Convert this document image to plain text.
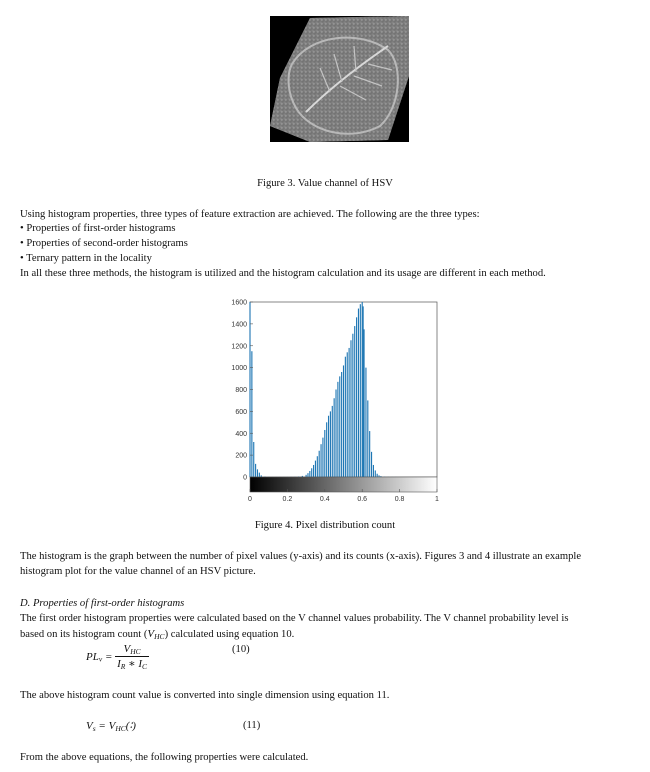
Figure 3. Value channel of HSV
Using histogram properties, three types of feature extraction are achieved. The following are the three types:
• Properties of first-order histograms
• Properties of second-order histograms
• Ternary pattern in the locality
In all these three methods, the histogram is utilized and the histogram calculation and its usage are different in each method.
0
200
400
600
800
1000
1200
1400
1600
0	0.2	0.4	0.6	0.8	1
Figure 4. Pixel distribution count
The histogram is the graph between the number of pixel values (y-axis) and its counts (x-axis). Figures 3 and 4 illustrate an example
histogram plot for the value channel of an HSV picture.
D. Properties of first-order histograms
The first order histogram properties were calculated based on the V channel values probability. The V channel probability level is
based on its histogram count $(V_{HC})$ calculated using equation 10.
$PL_v = \frac{V_{HC}}{I_R ∗ I_C}$	(10)
The above histogram count value is converted into single dimension using equation 11.
$V_s$ = $V_{HC}(∶)$	(11)
From the above equations, the following properties were calculated.
